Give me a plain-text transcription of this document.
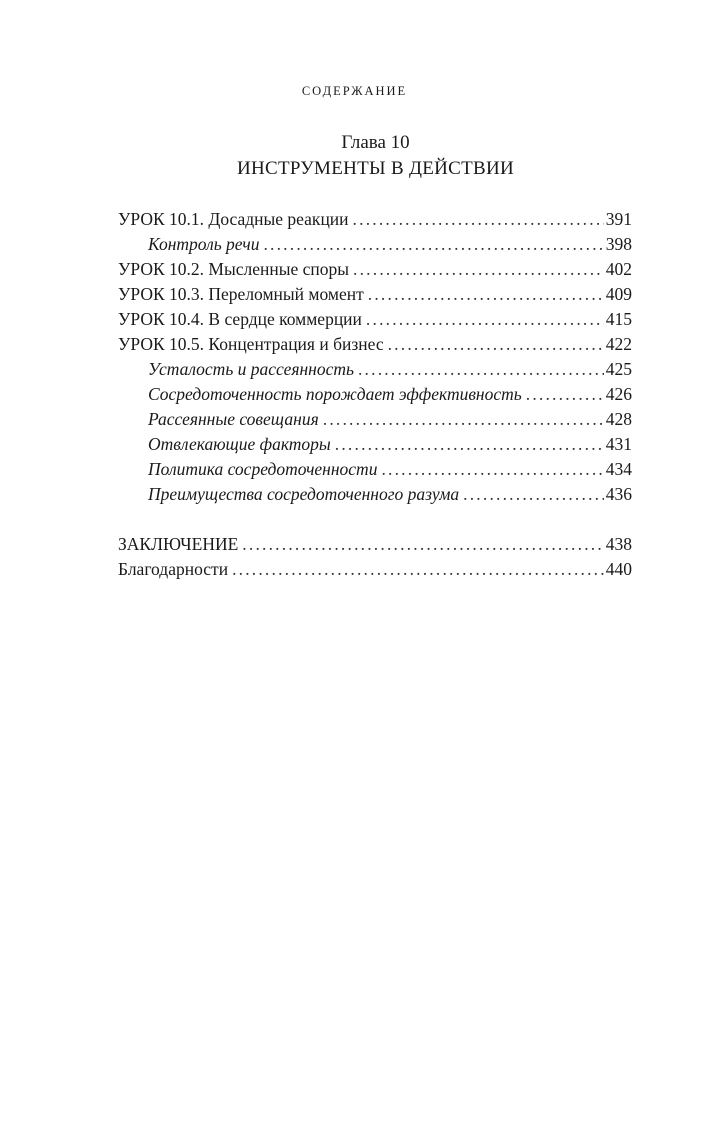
СОДЕРЖАНИЕ
Глава 10
ИНСТРУМЕНТЫ В ДЕЙСТВИИ
УРОК 10.1. Досадные реакции .....	391
Контроль речи .....	398
УРОК 10.2. Мысленные споры .....	402
УРОК 10.3. Переломный момент .....	409
УРОК 10.4. В сердце коммерции .....	415
УРОК 10.5. Концентрация и бизнес .....	422
Усталость и рассеянность .....	425
Сосредоточенность порождает эффективность .....	426
Рассеянные совещания .....	428
Отвлекающие факторы .....	431
Политика сосредоточенности .....	434
Преимущества сосредоточенного разума .....	436
ЗАКЛЮЧЕНИЕ .....	438
Благодарности .....	440
